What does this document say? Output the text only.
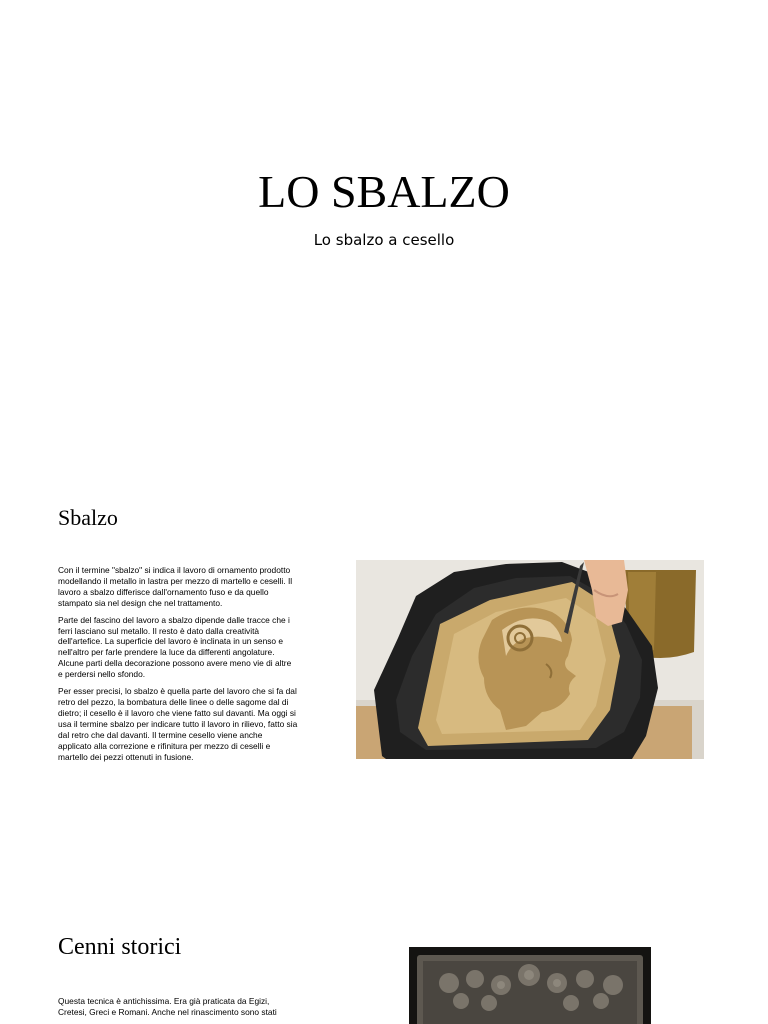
LO SBALZO
Lo sbalzo a cesello
Sbalzo

Con il termine "sbalzo" si indica il lavoro di ornamento prodotto modellando il metallo in lastra per mezzo di martello e ceselli. Il lavoro a sbalzo differisce dall'ornamento fuso e da quello stampato sia nel design che nel trattamento.

Parte del fascino del lavoro a sbalzo dipende dalle tracce che i ferri lasciano sul metallo. Il resto è dato dalla creatività dell'artefice. La superficie del lavoro è inclinata in un senso e nell'altro per farle prendere la luce da differenti angolature. Alcune parti della decorazione possono avere meno vie di altre e perdersi nello sfondo.

Per esser precisi, lo sbalzo è quella parte del lavoro che si fa dal retro del pezzo, la bombatura delle linee o delle sagome dal di dietro; il cesello è il lavoro che viene fatto sul davanti. Ma oggi si usa il termine sbalzo per indicare tutto il lavoro in rilievo, fatto sia dal retro che dal davanti. Il termine cesello viene anche applicato alla correzione e rifinitura per mezzo di ceselli e martello dei pezzi ottenuti in fusione.

Cenni storici

Questa tecnica è antichissima. Era già praticata da Egizi, Cretesi, Greci e Romani. Anche nel rinascimento sono stati
